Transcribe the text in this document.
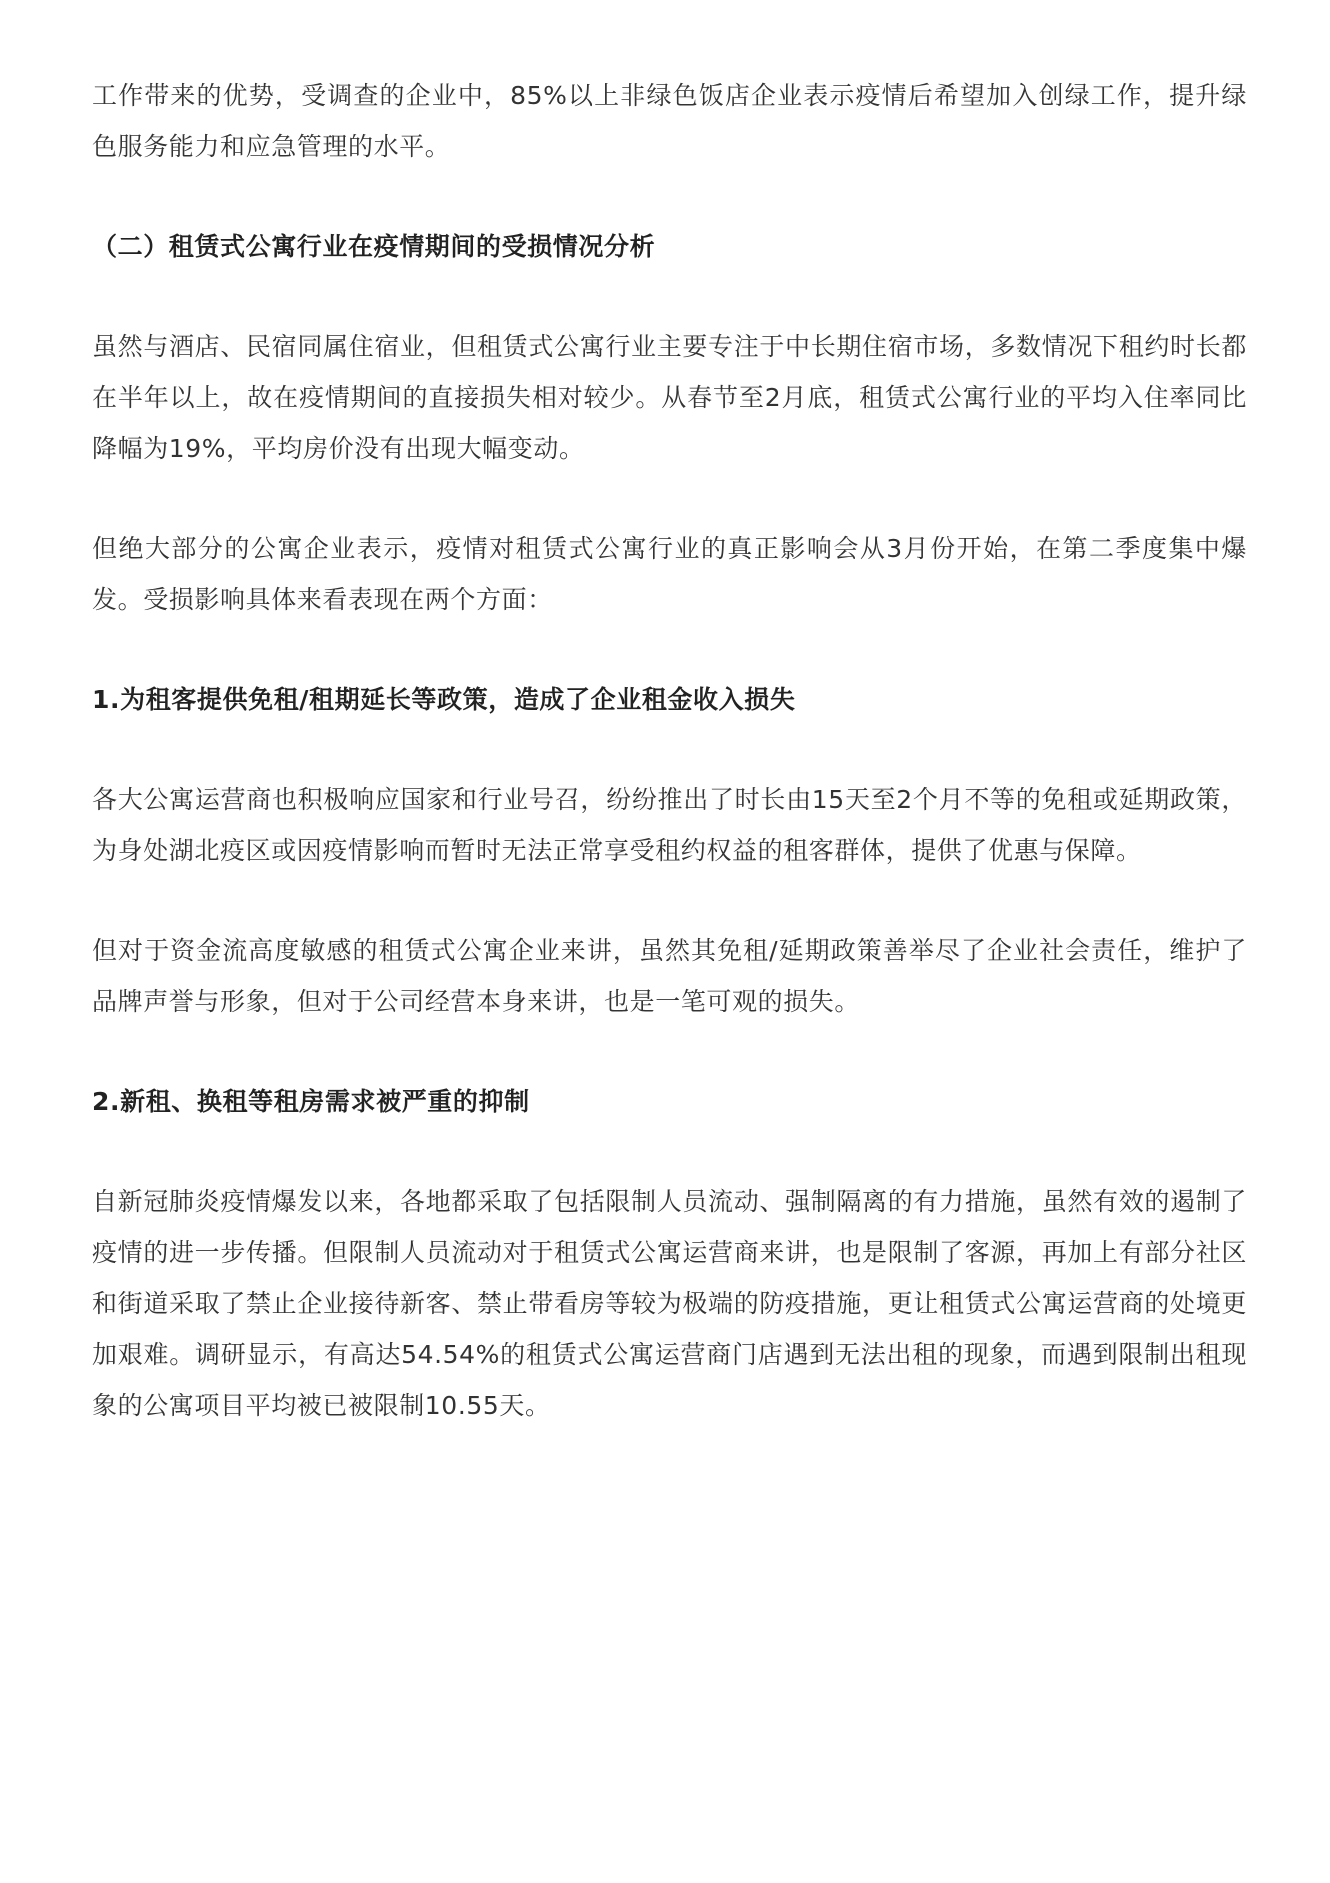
工作带来的优势，受调查的企业中，85%以上非绿色饭店企业表示疫情后希望加入创绿工作，提升绿色服务能力和应急管理的水平。

（二）租赁式公寓行业在疫情期间的受损情况分析

虽然与酒店、民宿同属住宿业，但租赁式公寓行业主要专注于中长期住宿市场，多数情况下租约时长都在半年以上，故在疫情期间的直接损失相对较少。从春节至2月底，租赁式公寓行业的平均入住率同比降幅为19%，平均房价没有出现大幅变动。

但绝大部分的公寓企业表示，疫情对租赁式公寓行业的真正影响会从3月份开始，在第二季度集中爆发。受损影响具体来看表现在两个方面：

1.为租客提供免租/租期延长等政策，造成了企业租金收入损失

各大公寓运营商也积极响应国家和行业号召，纷纷推出了时长由15天至2个月不等的免租或延期政策，为身处湖北疫区或因疫情影响而暂时无法正常享受租约权益的租客群体，提供了优惠与保障。

但对于资金流高度敏感的租赁式公寓企业来讲，虽然其免租/延期政策善举尽了企业社会责任，维护了品牌声誉与形象，但对于公司经营本身来讲，也是一笔可观的损失。

2.新租、换租等租房需求被严重的抑制

自新冠肺炎疫情爆发以来，各地都采取了包括限制人员流动、强制隔离的有力措施，虽然有效的遏制了疫情的进一步传播。但限制人员流动对于租赁式公寓运营商来讲，也是限制了客源，再加上有部分社区和街道采取了禁止企业接待新客、禁止带看房等较为极端的防疫措施，更让租赁式公寓运营商的处境更加艰难。调研显示，有高达54.54%的租赁式公寓运营商门店遇到无法出租的现象，而遇到限制出租现象的公寓项目平均被已被限制10.55天。
